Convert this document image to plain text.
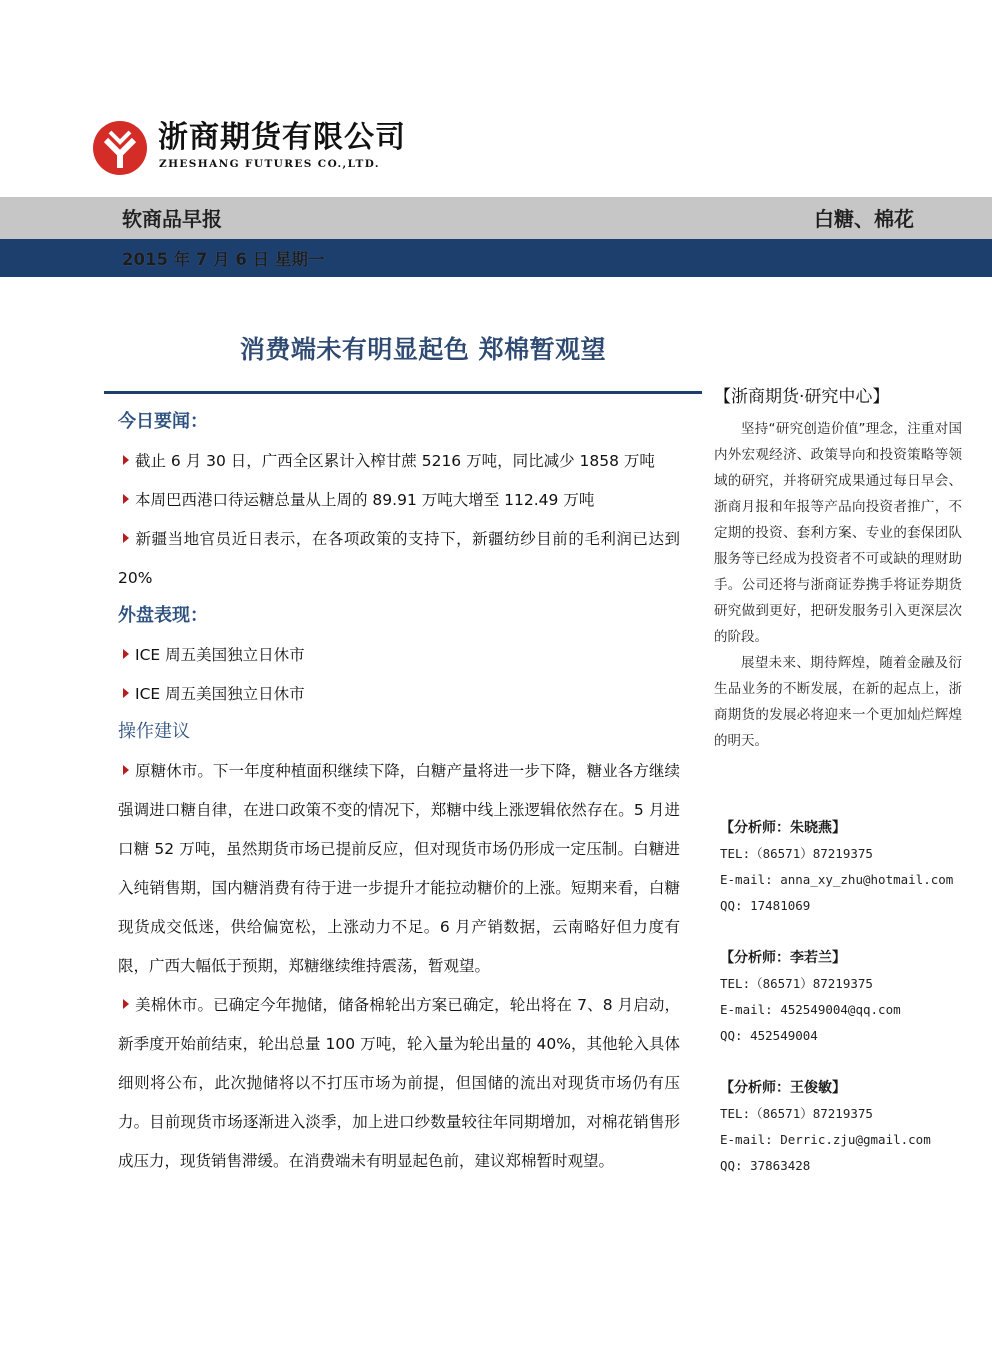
浙商期货有限公司
ZHESHANG FUTURES CO.,LTD.
软商品早报	白糖、棉花
2015 年 7 月 6 日 星期一
消费端未有明显起色 郑棉暂观望
今日要闻：

截止 6 月 30 日，广西全区累计入榨甘蔗 5216 万吨，同比减少 1858 万吨

本周巴西港口待运糖总量从上周的 89.91 万吨大增至 112.49 万吨

新疆当地官员近日表示，在各项政策的支持下，新疆纺纱目前的毛利润已达到 20%

外盘表现：

ICE 周五美国独立日休市

ICE 周五美国独立日休市

操作建议

原糖休市。下一年度种植面积继续下降，白糖产量将进一步下降，糖业各方继续强调进口糖自律，在进口政策不变的情况下，郑糖中线上涨逻辑依然存在。5 月进口糖 52 万吨，虽然期货市场已提前反应，但对现货市场仍形成一定压制。白糖进入纯销售期，国内糖消费有待于进一步提升才能拉动糖价的上涨。短期来看，白糖现货成交低迷，供给偏宽松，上涨动力不足。6 月产销数据，云南略好但力度有限，广西大幅低于预期，郑糖继续维持震荡，暂观望。

美棉休市。已确定今年抛储，储备棉轮出方案已确定，轮出将在 7、8 月启动，新季度开始前结束，轮出总量 100 万吨，轮入量为轮出量的 40%，其他轮入具体细则将公布，此次抛储将以不打压市场为前提，但国储的流出对现货市场仍有压力。目前现货市场逐渐进入淡季，加上进口纱数量较往年同期增加，对棉花销售形成压力，现货销售滞缓。在消费端未有明显起色前，建议郑棉暂时观望。

【浙商期货·研究中心】

坚持“研究创造价值”理念，注重对国内外宏观经济、政策导向和投资策略等领域的研究，并将研究成果通过每日早会、浙商月报和年报等产品向投资者推广，不定期的投资、套利方案、专业的套保团队服务等已经成为投资者不可或缺的理财助手。公司还将与浙商证券携手将证券期货研究做到更好，把研发服务引入更深层次的阶段。

展望未来、期待辉煌，随着金融及衍生品业务的不断发展，在新的起点上，浙商期货的发展必将迎来一个更加灿烂辉煌的明天。

【分析师：朱晓燕】
TEL:（86571）87219375
E-mail: anna_xy_zhu@hotmail.com
QQ: 17481069
【分析师：李若兰】
TEL:（86571）87219375
E-mail: 452549004@qq.com
QQ: 452549004
【分析师：王俊敏】
TEL:（86571）87219375
E-mail: Derric.zju@gmail.com
QQ: 37863428
